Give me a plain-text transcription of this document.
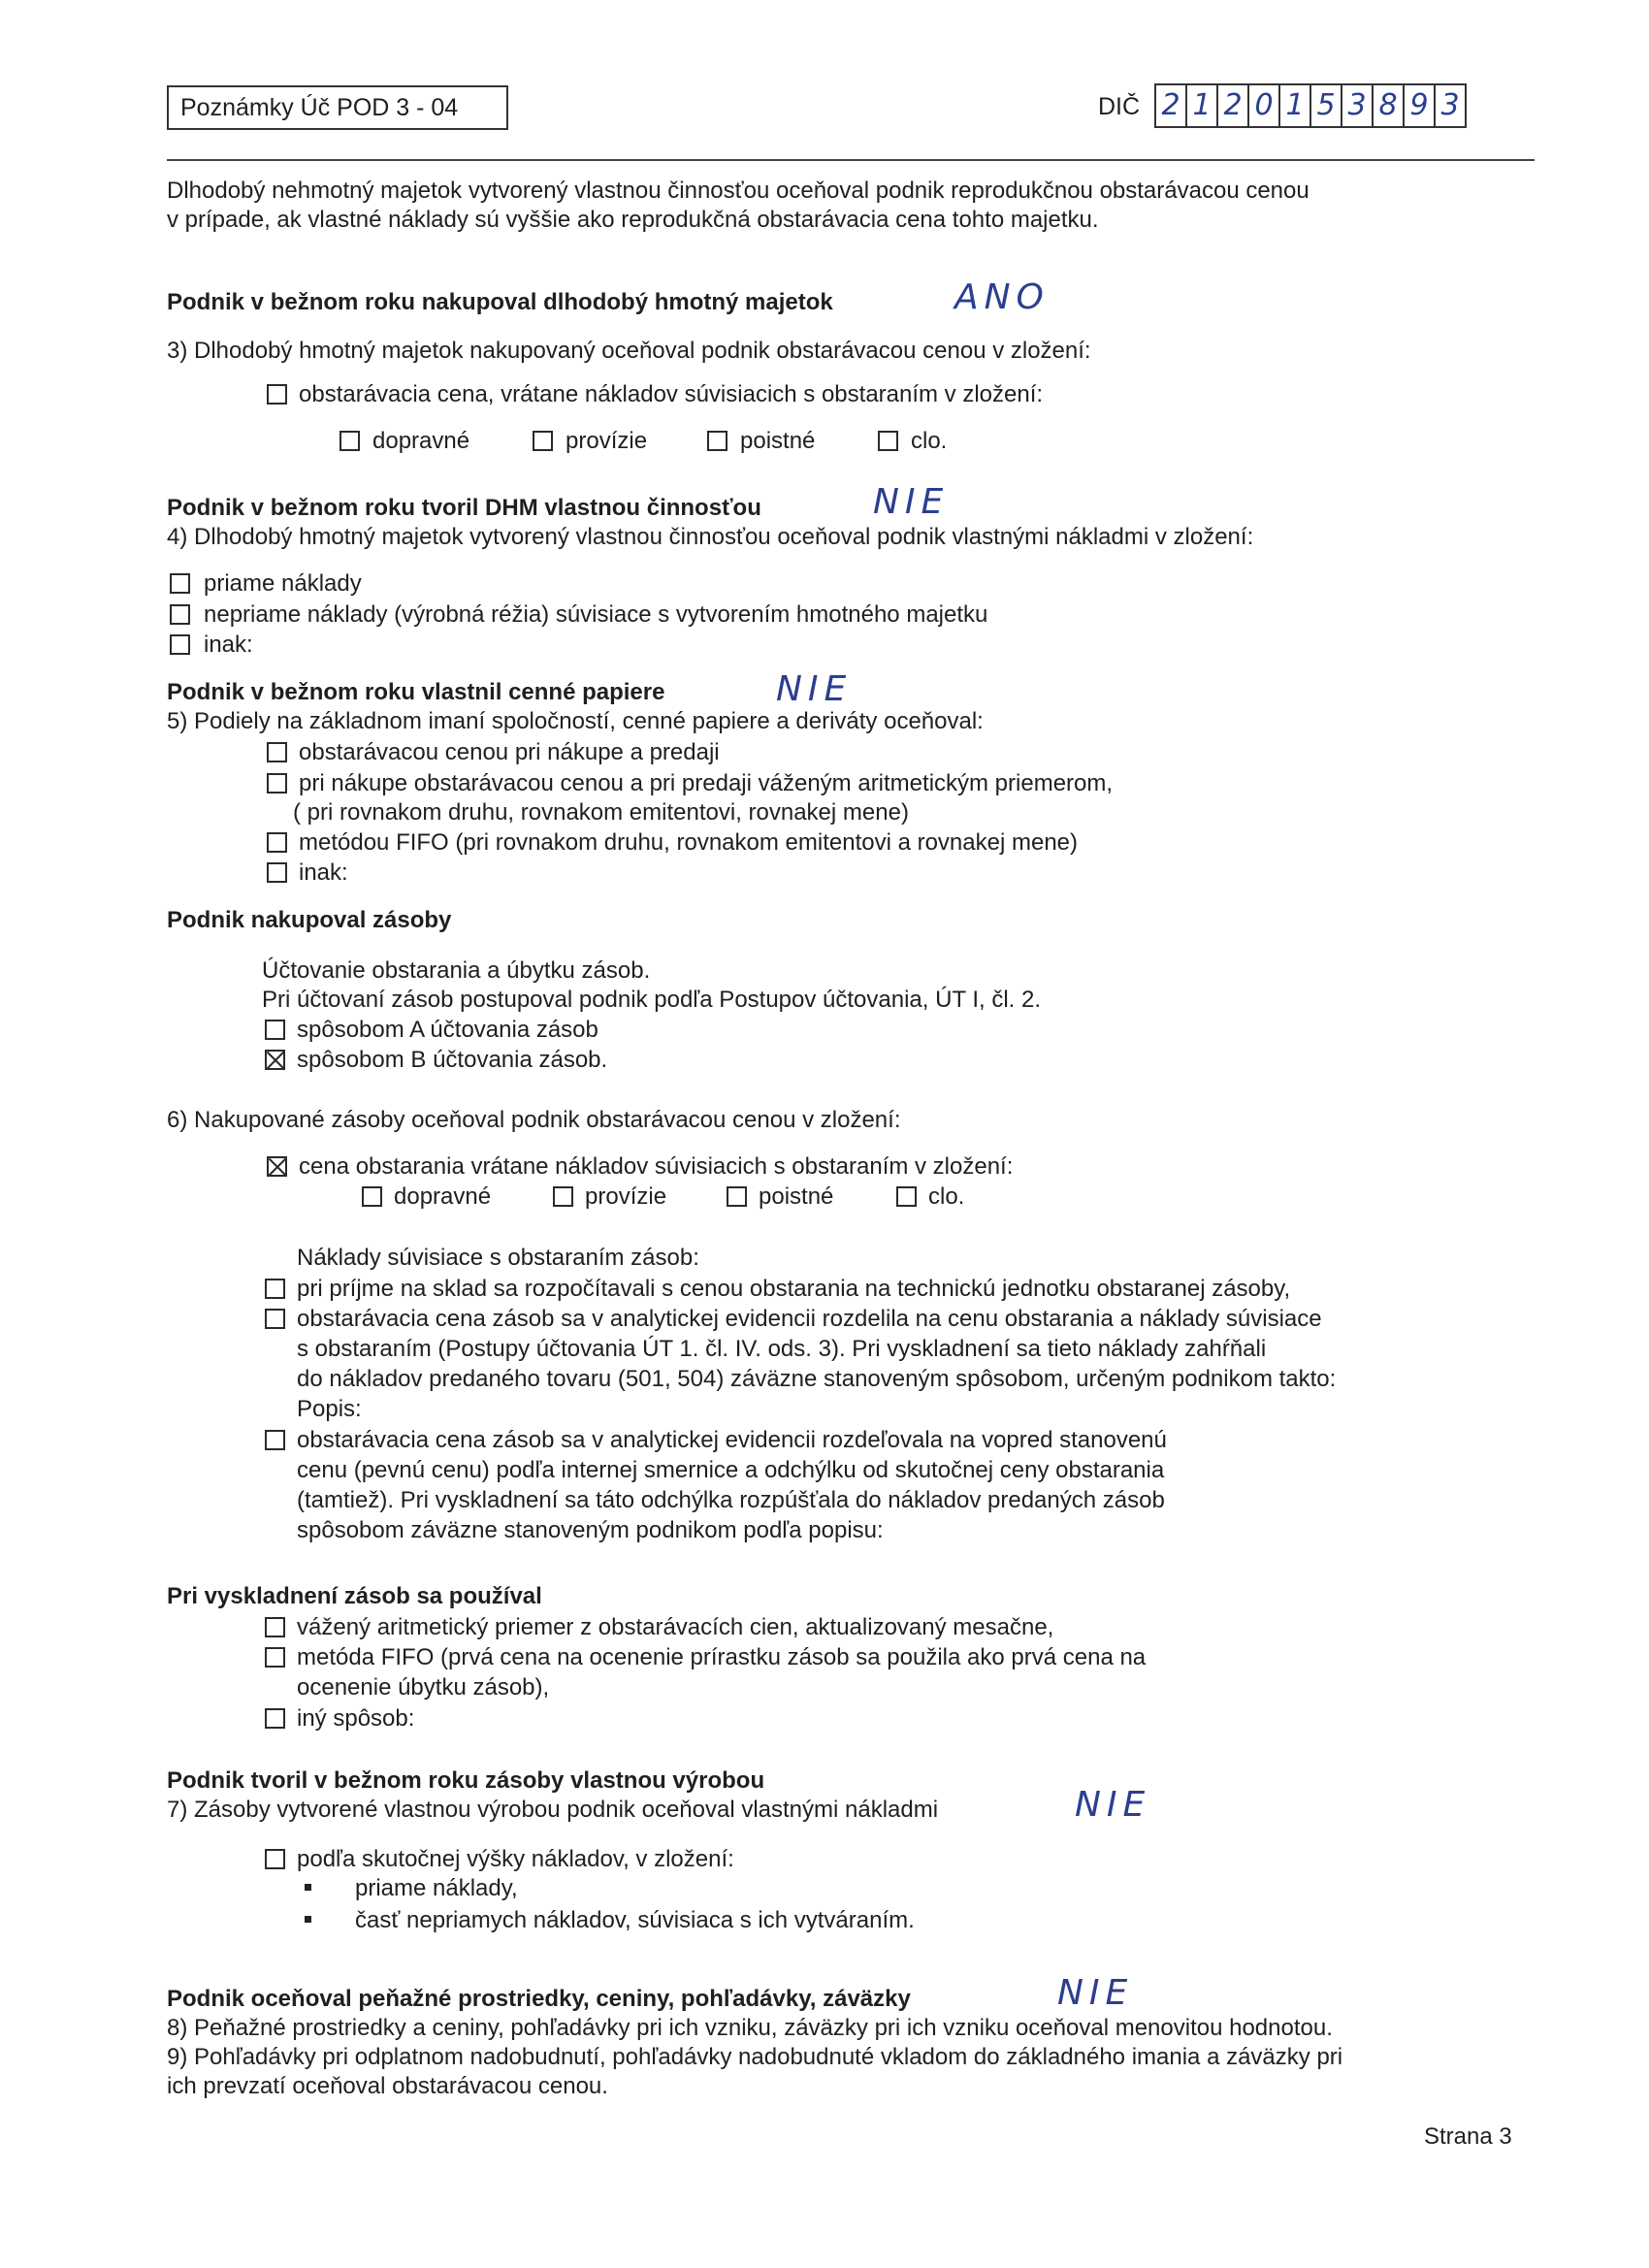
Poznámky Úč POD 3 - 04	DIČ 2 1 2 0 1 5 3 8 9 3
Dlhodobý nehmotný majetok vytvorený vlastnou činnosťou oceňoval podnik reprodukčnou obstarávacou cenou
v prípade, ak vlastné náklady sú vyššie ako reprodukčná obstarávacia cena tohto majetku.
Podnik v bežnom roku nakupoval dlhodobý hmotný majetok	ANO
3) Dlhodobý hmotný majetok nakupovaný oceňoval podnik obstarávacou cenou v zložení:
obstarávacia cena, vrátane nákladov súvisiacich s obstaraním v zložení:
dopravné	provízie	poistné	clo.
Podnik v bežnom roku tvoril DHM vlastnou činnosťou	NIE
4) Dlhodobý hmotný majetok vytvorený vlastnou činnosťou oceňoval podnik vlastnými nákladmi v zložení:
priame náklady
nepriame náklady (výrobná réžia) súvisiace s vytvorením hmotného majetku
inak:
Podnik v bežnom roku vlastnil cenné papiere	NIE
5) Podiely na základnom imaní spoločností, cenné papiere a deriváty oceňoval:
obstarávacou cenou pri nákupe a predaji
pri nákupe obstarávacou cenou a pri predaji váženým aritmetickým priemerom,
( pri rovnakom druhu, rovnakom emitentovi, rovnakej mene)
metódou FIFO (pri rovnakom druhu, rovnakom emitentovi a rovnakej mene)
inak:
Podnik nakupoval zásoby
Účtovanie obstarania a úbytku zásob.
Pri účtovaní zásob postupoval podnik podľa Postupov účtovania, ÚT I, čl. 2.
spôsobom A účtovania zásob
spôsobom B účtovania zásob.
6) Nakupované zásoby oceňoval podnik obstarávacou cenou v zložení:
cena obstarania vrátane nákladov súvisiacich s obstaraním v zložení:
dopravné	provízie	poistné	clo.
Náklady súvisiace s obstaraním zásob:
pri príjme na sklad sa rozpočítavali s cenou obstarania na technickú jednotku obstaranej zásoby,
obstarávacia cena zásob sa v analytickej evidencii rozdelila na cenu obstarania a náklady súvisiace
s obstaraním (Postupy účtovania ÚT 1. čl. IV. ods. 3). Pri vyskladnení sa tieto náklady zahŕňali
do nákladov predaného tovaru (501, 504) záväzne stanoveným spôsobom, určeným podnikom takto:
Popis:
obstarávacia cena zásob sa v analytickej evidencii rozdeľovala na vopred stanovenú
cenu (pevnú cenu) podľa internej smernice a odchýlku od skutočnej ceny obstarania
(tamtiež). Pri vyskladnení sa táto odchýlka rozpúšťala do nákladov predaných zásob
spôsobom záväzne stanoveným podnikom podľa popisu:
Pri vyskladnení zásob sa používal
vážený aritmetický priemer z obstarávacích cien, aktualizovaný mesačne,
metóda FIFO (prvá cena na ocenenie prírastku zásob sa použila ako prvá cena na
ocenenie úbytku zásob),
iný spôsob:
Podnik tvoril v bežnom roku zásoby vlastnou výrobou
7) Zásoby vytvorené vlastnou výrobou podnik oceňoval vlastnými nákladmi	NIE
podľa skutočnej výšky nákladov, v zložení:
priame náklady,
časť nepriamych nákladov, súvisiaca s ich vytváraním.
Podnik oceňoval peňažné prostriedky, ceniny, pohľadávky, záväzky	NIE
8) Peňažné prostriedky a ceniny, pohľadávky pri ich vzniku, záväzky pri ich vzniku oceňoval menovitou hodnotou.
9) Pohľadávky pri odplatnom nadobudnutí, pohľadávky nadobudnuté vkladom do základného imania a záväzky pri
ich prevzatí oceňoval obstarávacou cenou.
Strana 3
